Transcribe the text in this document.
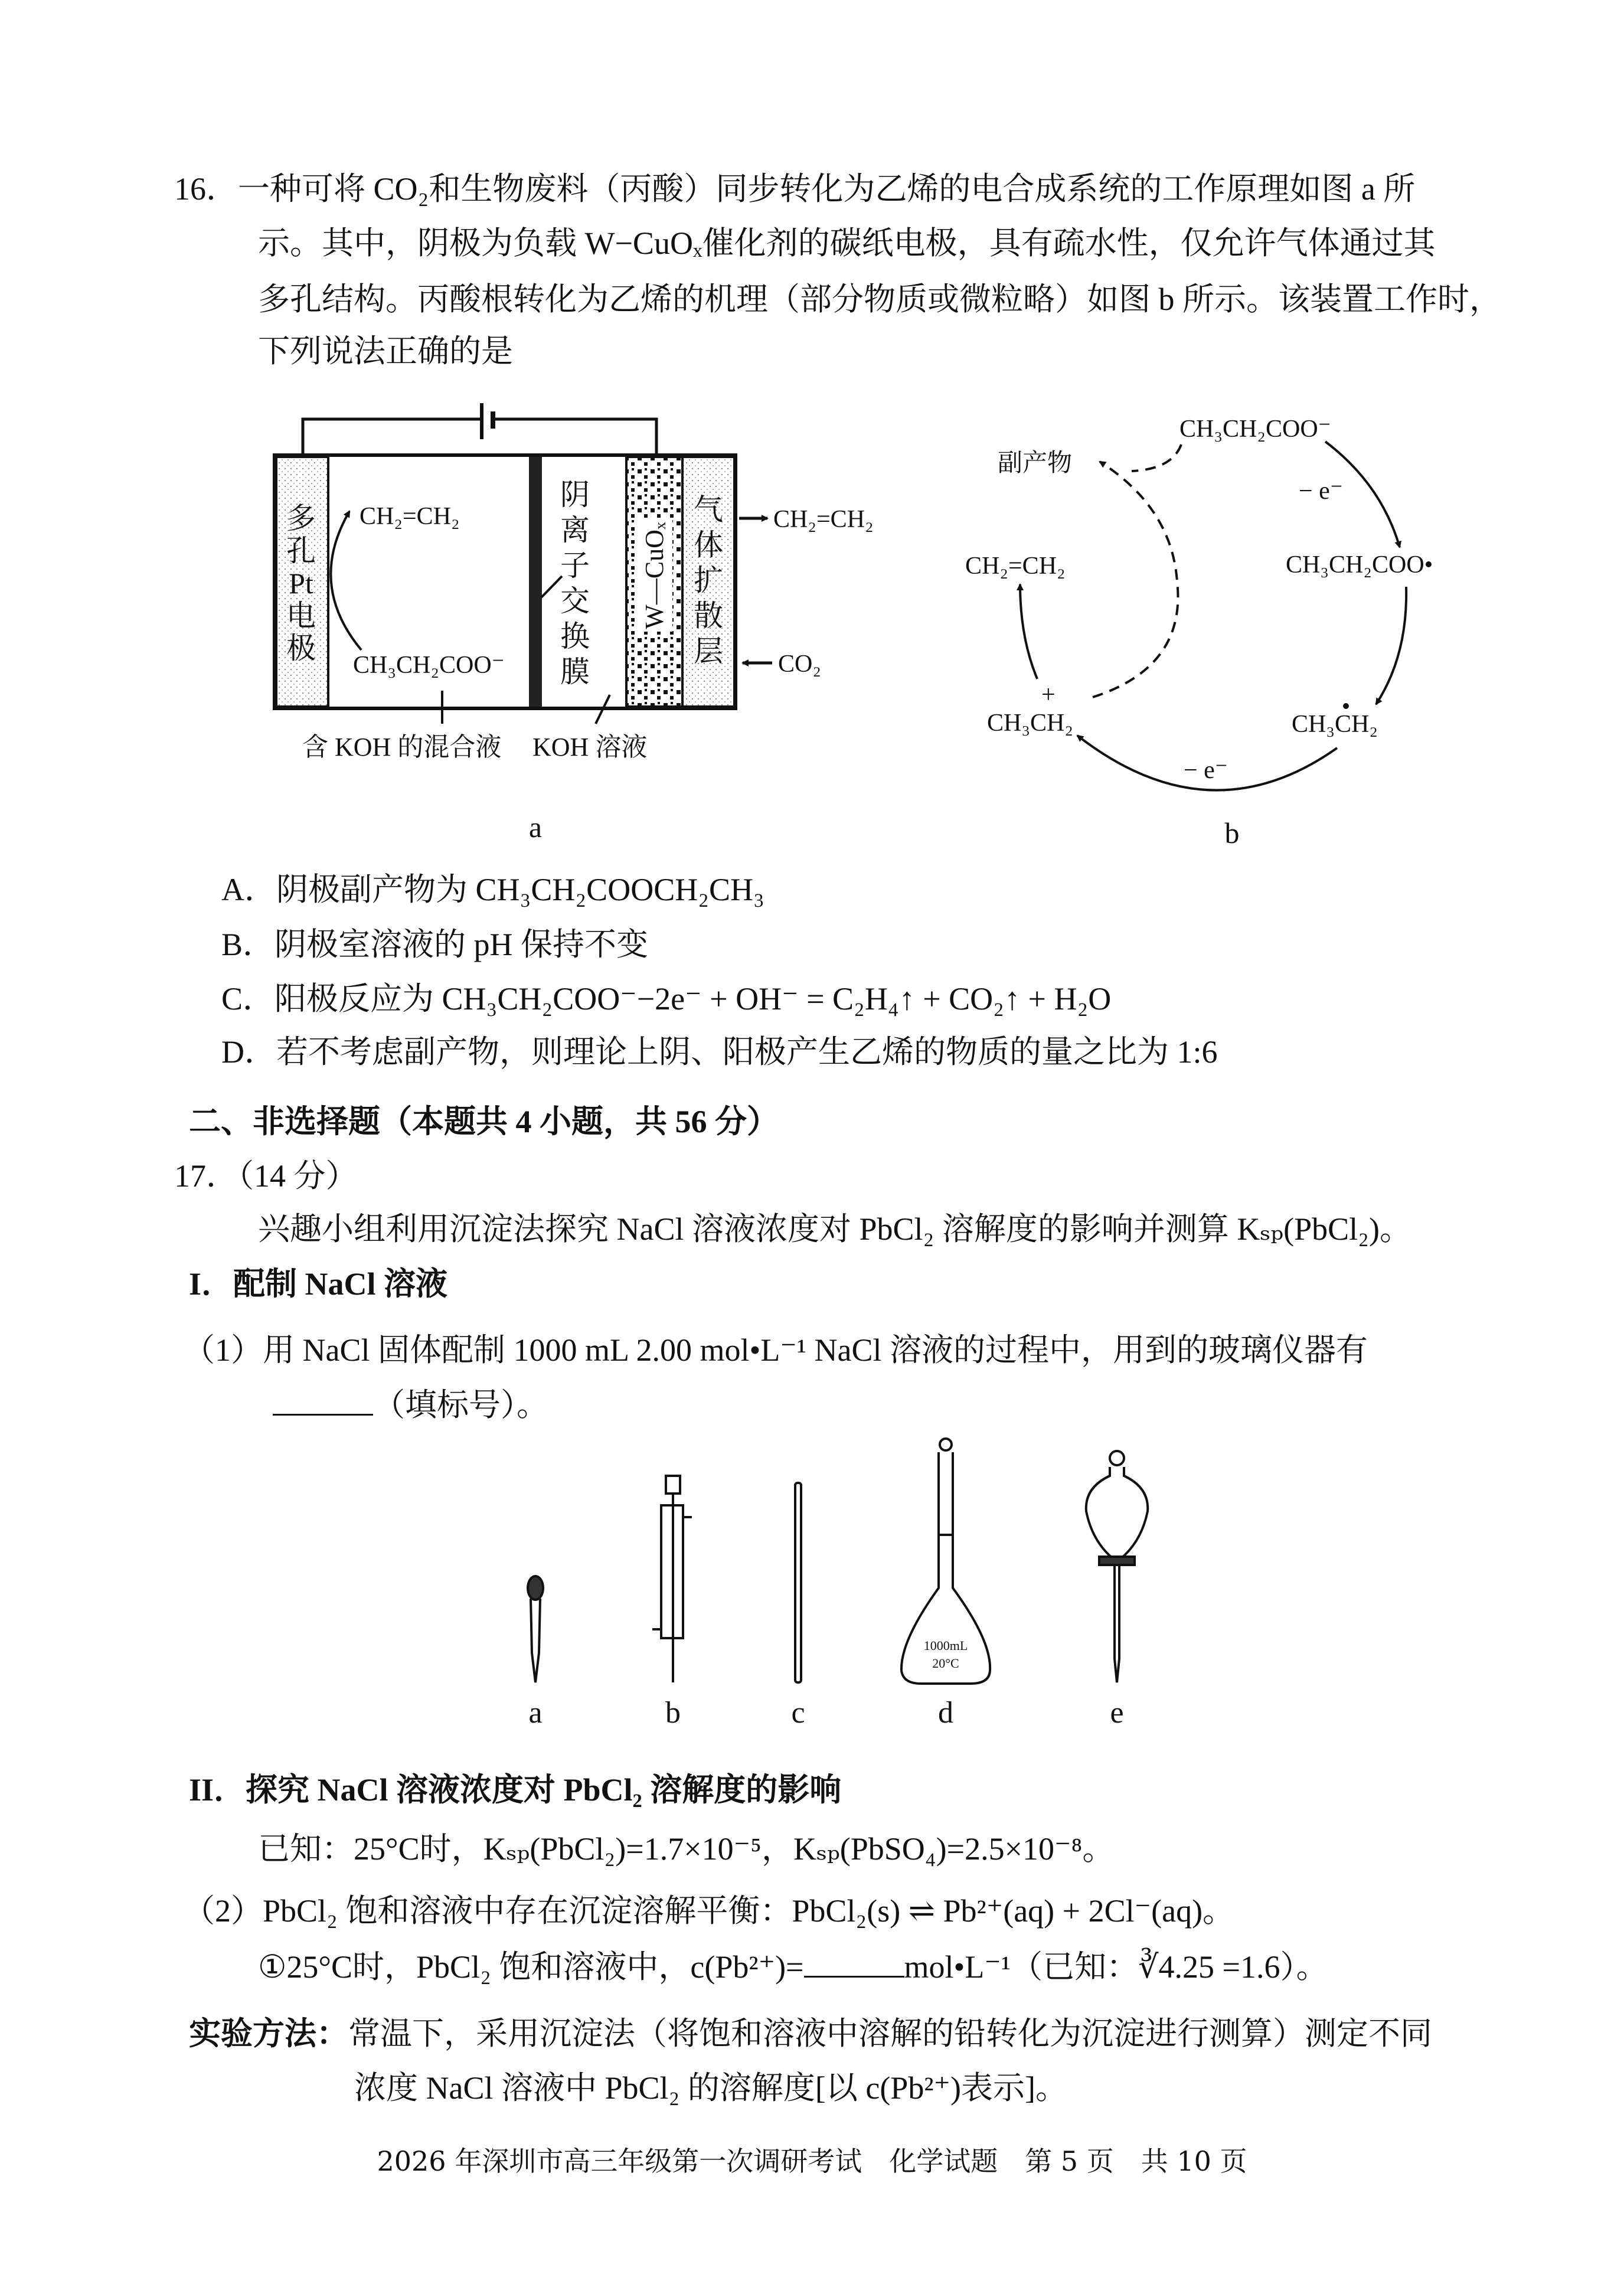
16．一种可将 CO₂和生物废料（丙酸）同步转化为乙烯的电合成系统的工作原理如图 a 所
示。其中，阴极为负载 W−CuOₓ催化剂的碳纸电极，具有疏水性，仅允许气体通过其
多孔结构。丙酸根转化为乙烯的机理（部分物质或微粒略）如图 b 所示。该装置工作时，
下列说法正确的是
多
孔
Pt
电
极
阴
离
子
交
换
膜
气
体
扩
散
层
W—CuOₓ
CH₂=CH₂
CH₃CH₂COO⁻
CH₂=CH₂
CO₂
含 KOH 的混合液 KOH 溶液
a
CH₃CH₂COO⁻
副产物
− e⁻
CH₃CH₂COO•
CH₂=CH₂
+
CH₃CH₂	CH₃CH₂
− e⁻
b
1000mL
20°C
a	b	c	d	e
A．阴极副产物为 CH₃CH₂COOCH₂CH₃
B．阴极室溶液的 pH 保持不变
C．阳极反应为 CH₃CH₂COO⁻−2e⁻ + OH⁻ = C₂H₄↑ + CO₂↑ + H₂O
D．若不考虑副产物，则理论上阴、阳极产生乙烯的物质的量之比为 1:6
二、非选择题（本题共 4 小题，共 56 分）
17．（14 分）
兴趣小组利用沉淀法探究 NaCl 溶液浓度对 PbCl₂ 溶解度的影响并测算 Kₛₚ(PbCl₂)。
I．配制 NaCl 溶液
（1）用 NaCl 固体配制 1000 mL 2.00 mol•L⁻¹ NaCl 溶液的过程中，用到的玻璃仪器有
（填标号）。
II．探究 NaCl 溶液浓度对 PbCl₂ 溶解度的影响
已知：25°C时，Kₛₚ(PbCl₂)=1.7×10⁻⁵，Kₛₚ(PbSO₄)=2.5×10⁻⁸。
（2）PbCl₂ 饱和溶液中存在沉淀溶解平衡：PbCl₂(s) ⇌ Pb²⁺(aq) + 2Cl⁻(aq)。
①25°C时，PbCl₂ 饱和溶液中，c(Pb²⁺)=	mol•L⁻¹（已知：∛4.25 =1.6）。
实验方法：常温下，采用沉淀法（将饱和溶液中溶解的铅转化为沉淀进行测算）测定不同
浓度 NaCl 溶液中 PbCl₂ 的溶解度[以 c(Pb²⁺)表示]。
2026 年深圳市高三年级第一次调研考试　化学试题　第 5 页　共 10 页
